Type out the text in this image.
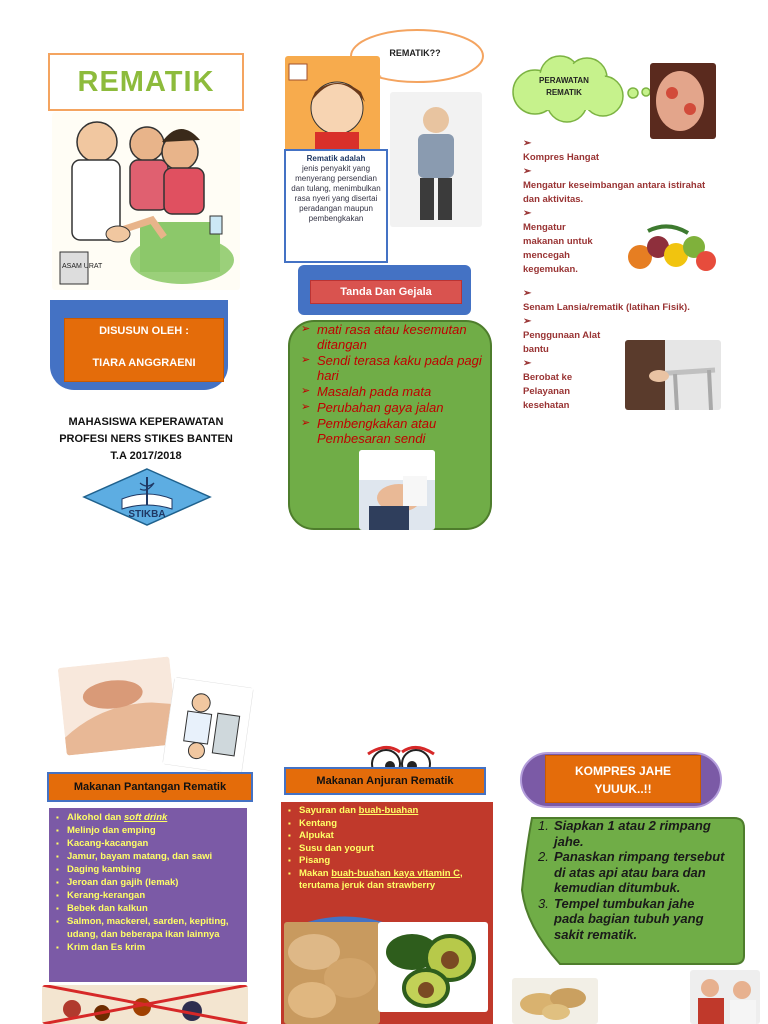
REMATIK
ASAM URAT
DISUSUN OLEH :
TIARA ANGGRAENI
MAHASISWA KEPERAWATAN
PROFESI NERS STIKES BANTEN
T.A 2017/2018
STIKBA
REMATIK??
Rematik adalah
jenis penyakit yang menyerang persendian dan tulang, menimbulkan rasa nyeri yang disertai peradangan maupun pembengkakan
Tanda Dan Gejala
➢ mati rasa atau kesemutan ditangan
➢ Sendi terasa kaku pada pagi hari
➢ Masalah pada mata
➢ Perubahan gaya jalan
➢ Pembengkakan atau Pembesaran sendi
PERAWATAN
REMATIK
➢
Kompres Hangat
➢
Mengatur keseimbangan antara istirahat dan aktivitas.
➢
Mengatur makanan untuk mencegah kegemukan.
➢
Senam Lansia/rematik (latihan Fisik).
➢
Penggunaan Alat bantu
➢
Berobat ke Pelayanan kesehatan
Makanan Pantangan Rematik
▪ Alkohol dan soft drink
▪ Melinjo dan emping
▪ Kacang-kacangan
▪ Jamur, bayam matang, dan sawi
▪ Daging kambing
▪ Jeroan dan gajih (lemak)
▪ Kerang-kerangan
▪ Bebek dan kalkun
▪ Salmon, mackerel, sarden, kepiting, udang, dan beberapa ikan lainnya
▪ Krim dan Es krim
Makanan Anjuran Rematik
▪ Sayuran dan buah-buahan
▪ Kentang
▪ Alpukat
▪ Susu dan yogurt
▪ Pisang
▪ Makan buah-buahan kaya vitamin C, terutama jeruk dan strawberry
KOMPRES JAHE
YUUUK..!!
1. Siapkan 1 atau 2 rimpang jahe.
2. Panaskan rimpang tersebut di atas api atau bara dan kemudian ditumbuk.
3. Tempel tumbukan jahe pada bagian tubuh yang sakit rematik.
